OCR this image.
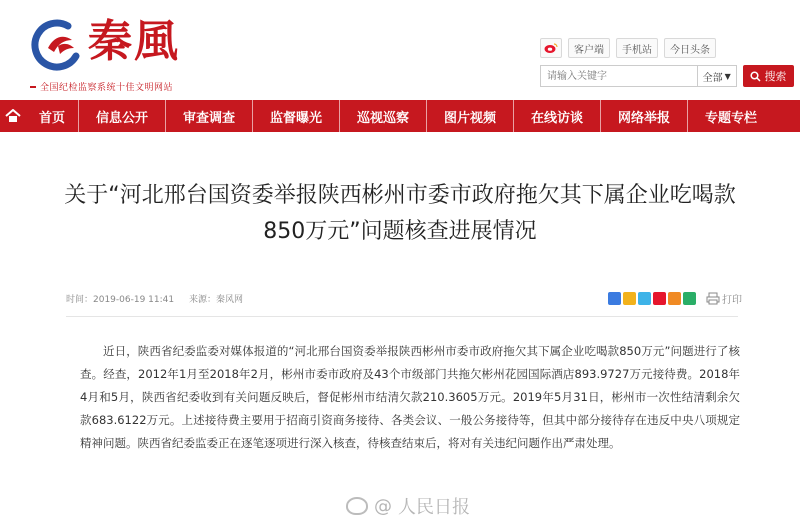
秦風
全国纪检监察系统十佳文明网站
客户端 手机站 今日头条
请输入关键字
全部 ▼	搜索
首页 信息公开	审查调查	监督曝光	巡视巡察	图片视频	在线访谈	网络举报	专题专栏
关于“河北邢台国资委举报陕西彬州市委市政府拖欠其下属企业吃喝款
850万元”问题核查进展情况
时间：2019-06-19 11:41 来源：秦风网	打印

近日，陕西省纪委监委对媒体报道的“河北邢台国资委举报陕西彬州市委市政府拖欠其下属企业吃喝款850万元”问题进行了核查。经查，2012年1月至2018年2月，彬州市委市政府及43个市级部门共拖欠彬州花园国际酒店893.9727万元接待费。2018年4月和5月，陕西省纪委收到有关问题反映后，督促彬州市结清欠款210.3605万元。2019年5月31日，彬州市一次性结清剩余欠款683.6122万元。上述接待费主要用于招商引资商务接待、各类会议、一般公务接待等，但其中部分接待存在违反中央八项规定精神问题。陕西省纪委监委正在逐笔逐项进行深入核查，待核查结束后，将对有关违纪问题作出严肃处理。

@ 人民日报
